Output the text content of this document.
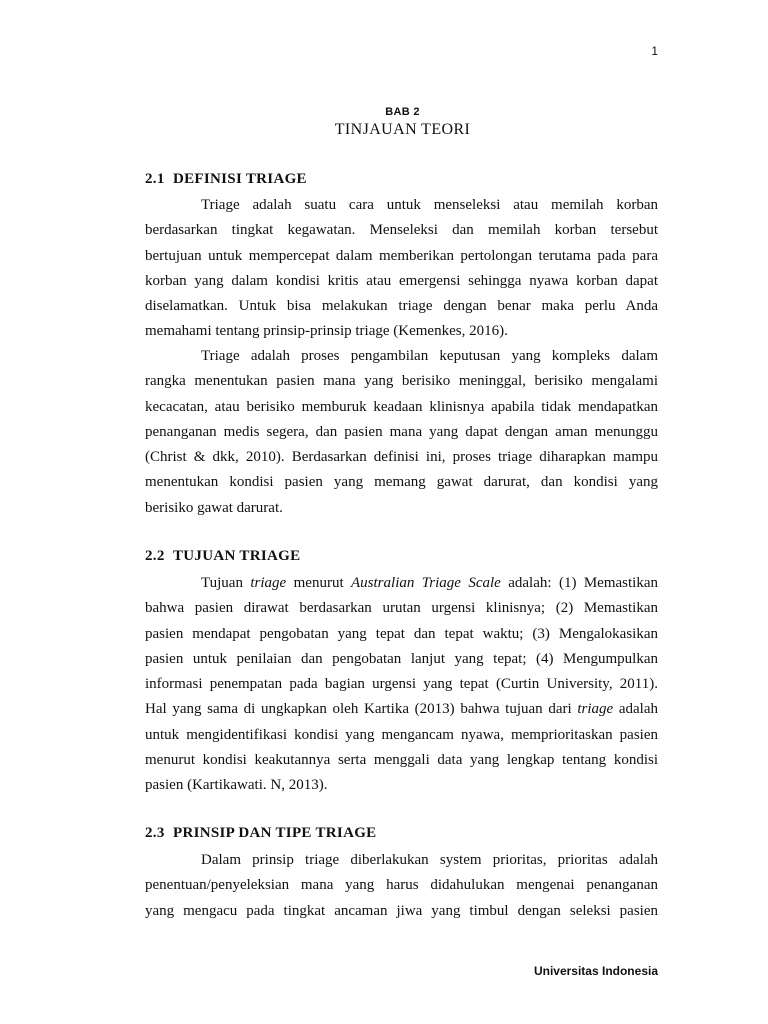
1
BAB 2
TINJAUAN TEORI
2.1 DEFINISI TRIAGE
Triage adalah suatu cara untuk menseleksi atau memilah korban
berdasarkan tingkat kegawatan. Menseleksi dan memilah korban tersebut
bertujuan untuk mempercepat dalam memberikan pertolongan terutama pada para
korban yang dalam kondisi kritis atau emergensi sehingga nyawa korban dapat
diselamatkan. Untuk bisa melakukan triage dengan benar maka perlu Anda
memahami tentang prinsip-prinsip triage (Kemenkes, 2016).
Triage adalah proses pengambilan keputusan yang kompleks dalam
rangka menentukan pasien mana yang berisiko meninggal, berisiko mengalami
kecacatan, atau berisiko memburuk keadaan klinisnya apabila tidak mendapatkan
penanganan medis segera, dan pasien mana yang dapat dengan aman menunggu
(Christ & dkk, 2010). Berdasarkan definisi ini, proses triage diharapkan mampu
menentukan kondisi pasien yang memang gawat darurat, dan kondisi yang
berisiko gawat darurat.
2.2 TUJUAN TRIAGE
Tujuan triage menurut Australian Triage Scale adalah: (1) Memastikan
bahwa pasien dirawat berdasarkan urutan urgensi klinisnya; (2) Memastikan
pasien mendapat pengobatan yang tepat dan tepat waktu; (3) Mengalokasikan
pasien untuk penilaian dan pengobatan lanjut yang tepat; (4) Mengumpulkan
informasi penempatan pada bagian urgensi yang tepat (Curtin University, 2011).
Hal yang sama di ungkapkan oleh Kartika (2013) bahwa tujuan dari triage adalah
untuk mengidentifikasi kondisi yang mengancam nyawa, memprioritaskan pasien
menurut kondisi keakutannya serta menggali data yang lengkap tentang kondisi
pasien (Kartikawati. N, 2013).
2.3 PRINSIP DAN TIPE TRIAGE
Dalam prinsip triage diberlakukan system prioritas, prioritas adalah
penentuan/penyeleksian mana yang harus didahulukan mengenai penanganan
yang mengacu pada tingkat ancaman jiwa yang timbul dengan seleksi pasien
Universitas Indonesia
